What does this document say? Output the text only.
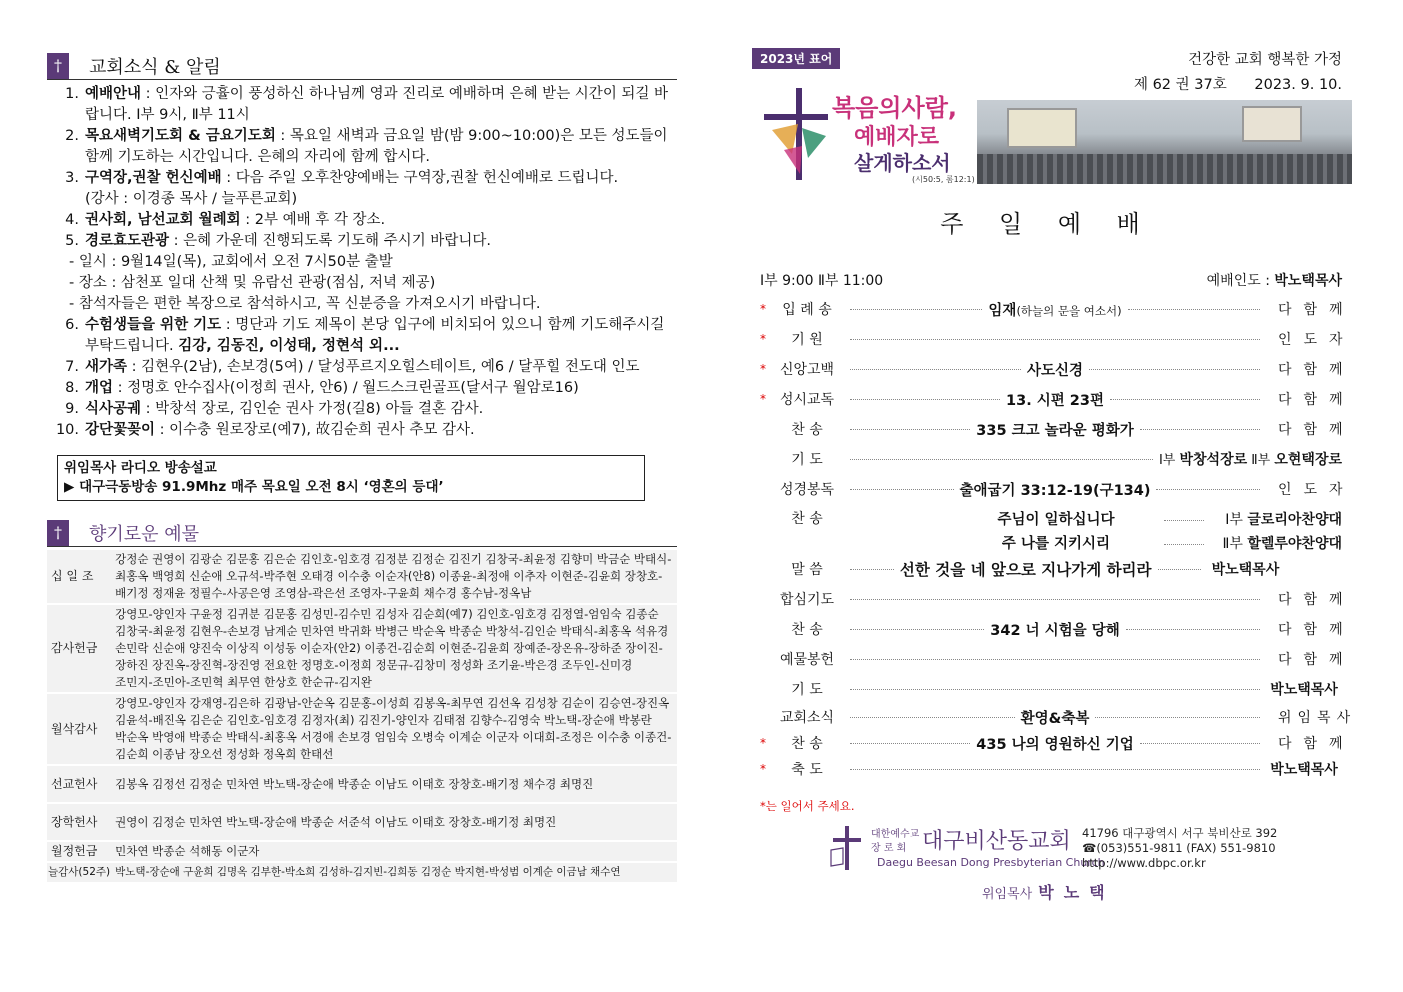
†	교회소식 & 알림
1. 예배안내 : 인자와 긍휼이 풍성하신 하나님께 영과 진리로 예배하며 은혜 받는 시간이 되길 바랍니다. Ⅰ부 9시, Ⅱ부 11시
2. 목요새벽기도회 & 금요기도회 : 목요일 새벽과 금요일 밤(밤 9:00~10:00)은 모든 성도들이 함께 기도하는 시간입니다. 은혜의 자리에 함께 합시다.
3. 구역장,권찰 헌신예배 : 다음 주일 오후찬양예배는 구역장,권찰 헌신예배로 드립니다.
(강사 : 이경종 목사 / 늘푸른교회)
4. 권사회, 남선교회 월례회 : 2부 예배 후 각 장소.
5. 경로효도관광 : 은혜 가운데 진행되도록 기도해 주시기 바랍니다.
- 일시 : 9월14일(목), 교회에서 오전 7시50분 출발
- 장소 : 삼천포 일대 산책 및 유람선 관광(점심, 저녁 제공)
- 참석자들은 편한 복장으로 참석하시고, 꼭 신분증을 가져오시기 바랍니다.
6. 수험생들을 위한 기도 : 명단과 기도 제목이 본당 입구에 비치되어 있으니 함께 기도해주시길 부탁드립니다. 김강, 김동진, 이성태, 정현석 외...
7. 새가족 : 김현우(2남), 손보경(5여) / 달성푸르지오힐스테이트, 예6 / 달푸힐 전도대 인도
8. 개업 : 정명호 안수집사(이정희 권사, 안6) / 월드스크린골프(달서구 월암로16)
9. 식사공궤 : 박창석 장로, 김인순 권사 가정(길8) 아들 결혼 감사.
10. 강단꽃꽂이 : 이수충 원로장로(예7), 故김순희 권사 추모 감사.
위임목사 라디오 방송설교
▶ 대구극동방송 91.9Mhz 매주 목요일 오전 8시 ‘영혼의 등대’
†	향기로운 예물
십 일 조	강정순 권영이 김광순 김문홍 김은순 김인호-임호경 김정분 김정순 김진기 김창국-최윤정 김향미 박금순 박태식-최홍옥 백영희 신순애 오규석-박주현 오태경 이수충 이순자(안8) 이종윤-최정애 이추자 이현준-김윤희 장창호-배기정 정재윤 정필수-사공은영 조영삼-곽은선 조영자-구윤희 채수경 홍수남-정옥남
감사헌금	강영모-양인자 구윤정 김귀분 김문홍 김성민-김수민 김성자 김순희(예7) 김인호-임호경 김정열-엄임숙 김종순 김창국-최윤정 김현우-손보경 남계순 민차연 박귀화 박병근 박순옥 박종순 박창석-김인순 박태식-최홍옥 석유경 손민락 신순애 양진숙 이상직 이성동 이순자(안2) 이종건-김순희 이현준-김윤희 장예준-장온유-장하준 장이진-장하진 장진옥-장진혁-장진영 전요한 정명호-이정희 정문규-김창미 정성화 조기윤-박은경 조두인-신미경 조민지-조민아-조민혁 최무연 한상호 한순규-김지완
월삭감사	강영모-양인자 강재영-김은하 김광남-안순옥 김문홍-이성희 김봉옥-최무연 김선옥 김성창 김순이 김승연-장진옥 김윤석-배진옥 김은순 김인호-임호경 김정자(최) 김진기-양인자 김태점 김향수-김영숙 박노택-장순애 박봉란 박순옥 박영애 박종순 박태식-최홍옥 서경애 손보경 엄임숙 오병숙 이계순 이군자 이대희-조정은 이수충 이종건-김순희 이종남 장오선 정성화 정옥희 한태선
선교헌사	김봉옥 김정선 김정순 민차연 박노택-장순애 박종순 이남도 이태호 장창호-배기정 채수경 최명진
장학헌사	권영이 김정순 민차연 박노택-장순애 박종순 서준석 이남도 이태호 장창호-배기정 최명진
월정헌금	민차연 박종순 석해동 이군자
늘감사(52주)	박노택-장순애 구윤희 김명옥 김부한-박소희 김성하-김지빈-김희동 김정순 박지현-박성범 이계순 이금남 채수연
2023년 표어	건강한 교회 행복한 가정
제 62 권 37호 2023. 9. 10.
복음의사람,
예배자로
살게하소서
(시50:5, 롬12:1)
주 일 예 배
Ⅰ부 9:00 Ⅱ부 11:00	예배인도 : 박노택목사
*	입 례 송	임재(하늘의 문을 여소서)	다함께
*	기 원	인도자
* 신앙고백	사도신경	다함께
* 성시교독	13. 시편 23편	다함께
찬 송	335 크고 놀라운 평화가	다함께
기 도	Ⅰ부 박창석장로 Ⅱ부 오현택장로
성경봉독	출애굽기 33:12-19(구134)	인도자
찬 송	주님이 일하십니다	Ⅰ부 글로리아찬양대
주 나를 지키시리	Ⅱ부 할렐루야찬양대
말 씀	선한 것을 네 앞으로 지나가게 하리라	박노택목사
합심기도	다함께
찬 송	342 너 시험을 당해	다함께
예물봉헌	다함께
기 도	박노택목사
교회소식	환영&축복	위임목사
*	찬 송	435 나의 영원하신 기업	다함께
*	축 도	박노택목사
*는 일어서 주세요.
대한예수교
장 로 회 대구비산동교회
Daegu Beesan Dong Presbyterian Church
41796 대구광역시 서구 북비산로 392
☎(053)551-9811 (FAX) 551-9810
http://www.dbpc.or.kr
위임목사 박노택
